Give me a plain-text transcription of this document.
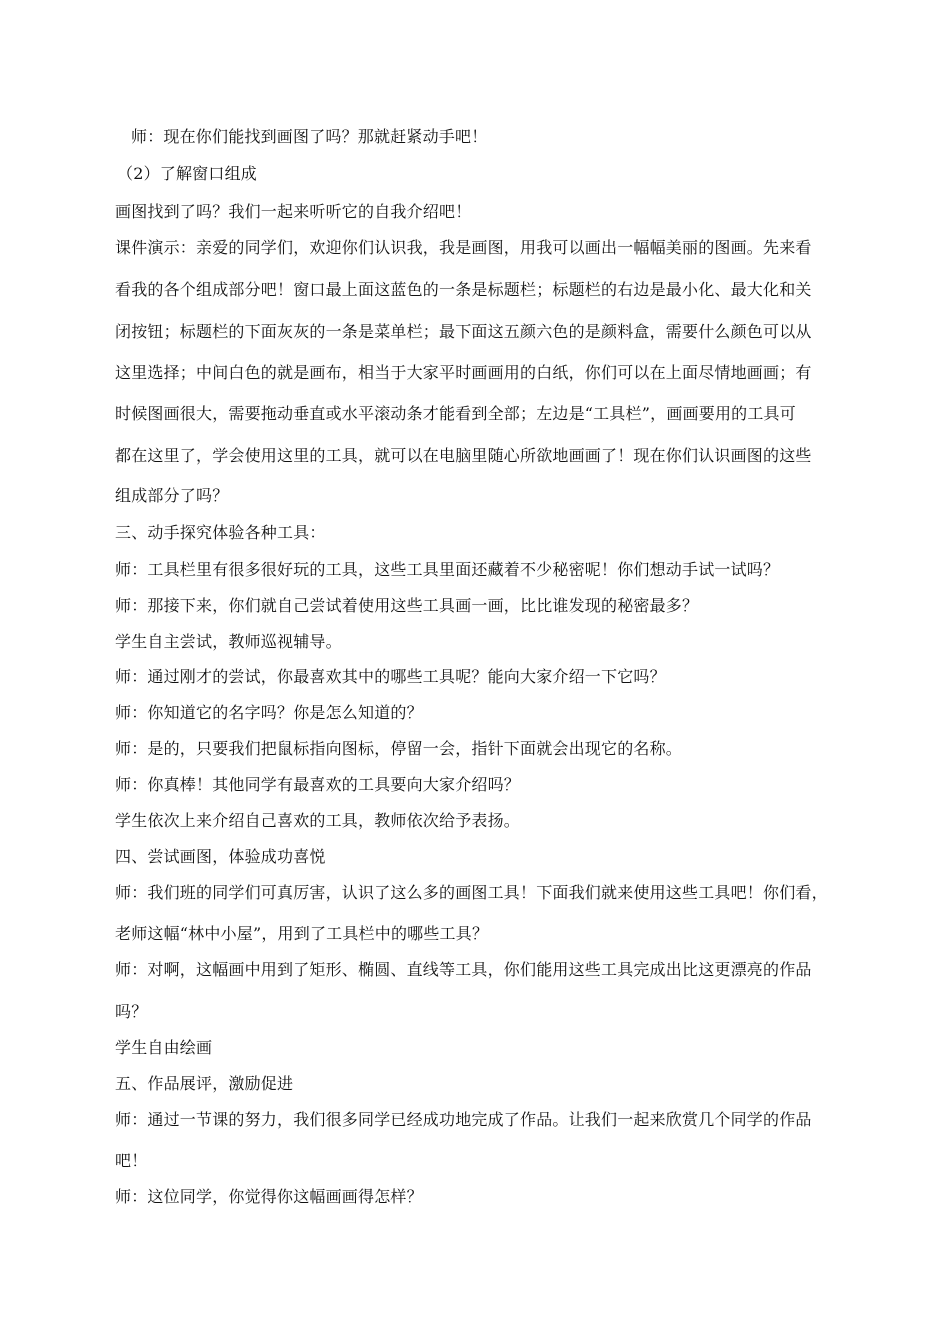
师：现在你们能找到画图了吗？那就赶紧动手吧！
（2）了解窗口组成
画图找到了吗？我们一起来听听它的自我介绍吧！
课件演示：亲爱的同学们，欢迎你们认识我，我是画图，用我可以画出一幅幅美丽的图画。先来看
看我的各个组成部分吧！窗口最上面这蓝色的一条是标题栏；标题栏的右边是最小化、最大化和关
闭按钮；标题栏的下面灰灰的一条是菜单栏；最下面这五颜六色的是颜料盒，需要什么颜色可以从
这里选择；中间白色的就是画布，相当于大家平时画画用的白纸，你们可以在上面尽情地画画；有
时候图画很大，需要拖动垂直或水平滚动条才能看到全部；左边是“工具栏”，画画要用的工具可
都在这里了，学会使用这里的工具，就可以在电脑里随心所欲地画画了！现在你们认识画图的这些
组成部分了吗？
三、动手探究体验各种工具：
师：工具栏里有很多很好玩的工具，这些工具里面还藏着不少秘密呢！你们想动手试一试吗？
师：那接下来，你们就自己尝试着使用这些工具画一画，比比谁发现的秘密最多？
学生自主尝试，教师巡视辅导。
师：通过刚才的尝试，你最喜欢其中的哪些工具呢？能向大家介绍一下它吗？
师：你知道它的名字吗？你是怎么知道的？
师：是的，只要我们把鼠标指向图标，停留一会，指针下面就会出现它的名称。
师：你真棒！其他同学有最喜欢的工具要向大家介绍吗？
学生依次上来介绍自己喜欢的工具，教师依次给予表扬。
四、尝试画图，体验成功喜悦
师：我们班的同学们可真厉害，认识了这么多的画图工具！下面我们就来使用这些工具吧！你们看，
老师这幅“林中小屋”，用到了工具栏中的哪些工具？
师：对啊，这幅画中用到了矩形、椭圆、直线等工具，你们能用这些工具完成出比这更漂亮的作品
吗？
学生自由绘画
五、作品展评，激励促进
师：通过一节课的努力，我们很多同学已经成功地完成了作品。让我们一起来欣赏几个同学的作品
吧！
师：这位同学，你觉得你这幅画画得怎样？
